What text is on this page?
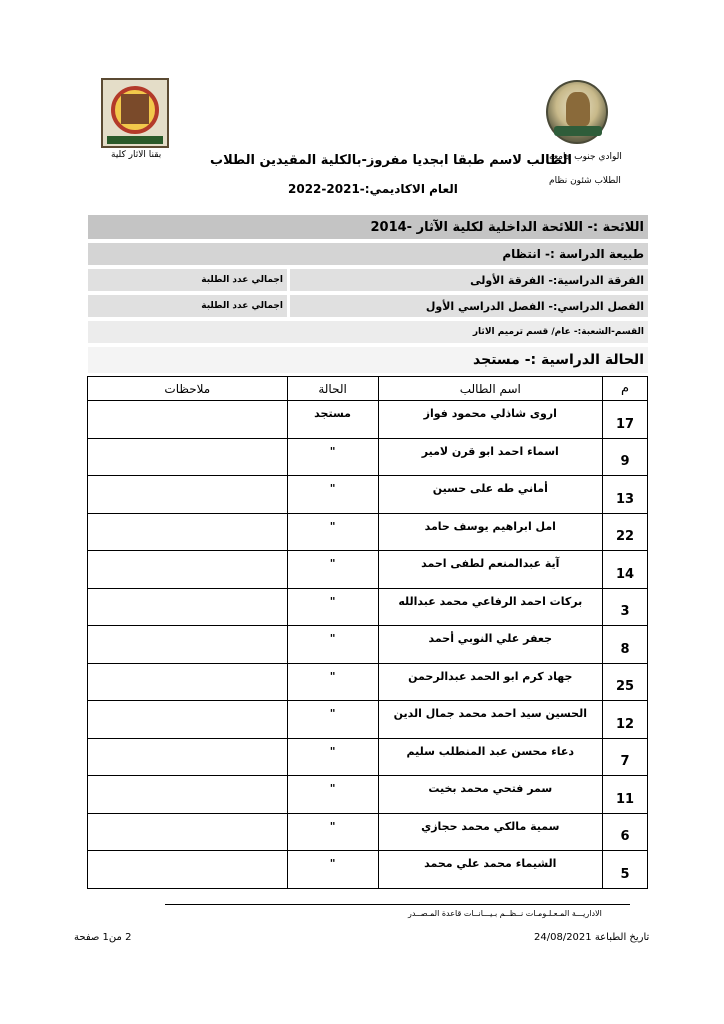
الوادي جنوب جامعه
الطلاب شئون نظام
بقنا الاثار كلية	الطالب لاسم طبقا ابجديا مفروز-بالكلية المقيدين الطلاب
العام الاكاديمي:-2021-2022
اللائحة :- اللائحة الداخلية لكلية الآثار -2014
طبيعة الدراسة :- انتظام
الفرقة الدراسية:- الفرقة الأولى
اجمالي عدد الطلبة
الفصل الدراسي:- الفصل الدراسي الأول
اجمالي عدد الطلبة
القسم-الشعبة:- عام/ قسم ترميم الاثار
الحالة الدراسية :- مستجد
م	اسم الطالب	الحالة	ملاحظات
17	اروى شاذلي محمود فواز	مستجد	
9	اسماء احمد ابو قرن لامير	"	
13	أماني طه على حسين	"	
22	امل ابراهيم يوسف حامد	"	
14	آية عبدالمنعم لطفى احمد	"	
3	بركات احمد الرفاعي محمد عبدالله	"	
8	جعفر علي النوبي أحمد	"	
25	جهاد كرم ابو الحمد عبدالرحمن	"	
12	الحسين سيد احمد محمد جمال الدين	"	
7	دعاء محسن عبد المنطلب سليم	"	
11	سمر فتحي محمد بخيت	"	
6	سمية مالكي محمد حجازي	"	
5	الشيماء محمد علي محمد	"	
الاداريـــة المـعـلـومـات نــظــم بـيـــانــات قاعدة المـصــدر
تاريخ الطباعة 24/08/2021
2 من1 صفحة
